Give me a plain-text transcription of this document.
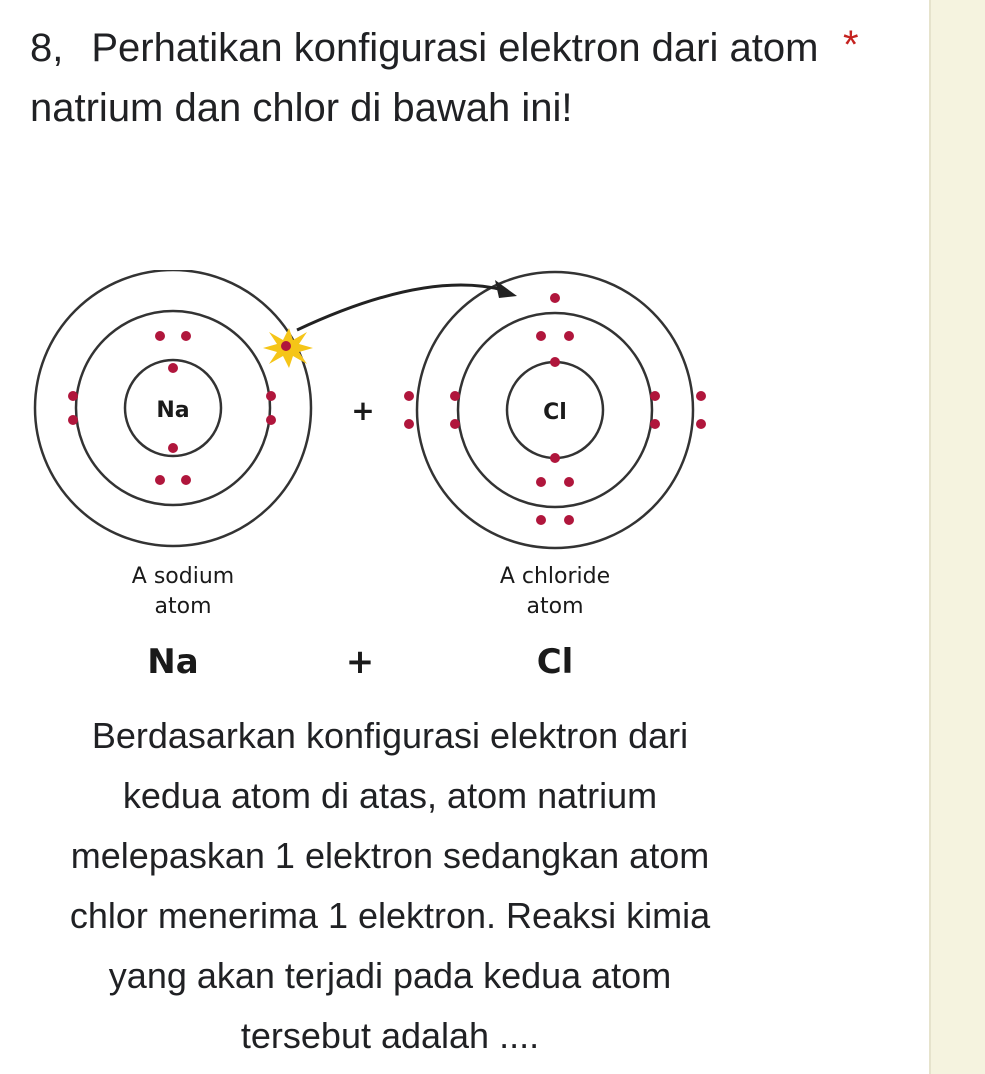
8, Perhatikan konfigurasi elektron dari atom natrium dan chlor di bawah ini!
*
Na	Cl
+
A sodium
atom
A chloride
atom
Na	+	Cl
Berdasarkan konfigurasi elektron dari
kedua atom di atas, atom natrium
melepaskan 1 elektron sedangkan atom
chlor menerima 1 elektron. Reaksi kimia
yang akan terjadi pada kedua atom
tersebut adalah ....
